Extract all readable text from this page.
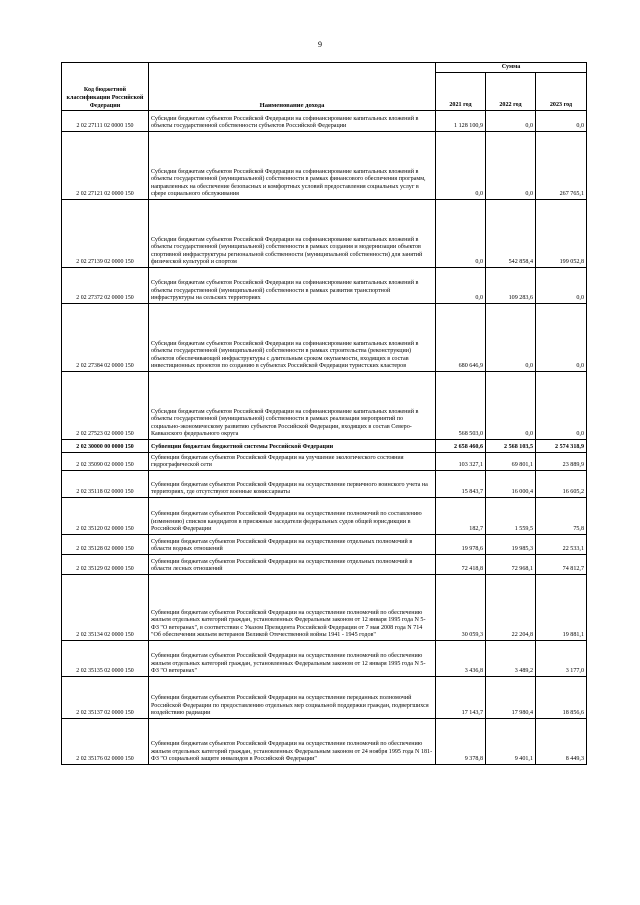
9
Код бюджетной классификации Российской Федерации	Наименование дохода	Сумма		
		2021 год	2022 год	2023 год
2 02 27111 02 0000 150	Субсидии бюджетам субъектов Российской Федерации на софинансирование капитальных вложений в объекты государственной собственности субъектов Российской Федерации	1 128 100,9	0,0	0,0
2 02 27121 02 0000 150	Субсидии бюджетам субъектов Российской Федерации на софинансирование капитальных вложений в объекты государственной (муниципальной) собственности в рамках финансового обеспечения программ, направленных на обеспечение безопасных и комфортных условий предоставления социальных услуг в сфере социального обслуживания	0,0	0,0	267 765,1
2 02 27139 02 0000 150	Субсидии бюджетам субъектов Российской Федерации на софинансирование капитальных вложений в объекты государственной (муниципальной) собственности в рамках создания и модернизации объектов спортивной инфраструктуры региональной собственности (муниципальной собственности) для занятий физической культурой и спортом	0,0	542 858,4	199 052,8
2 02 27372 02 0000 150	Субсидии бюджетам субъектов Российской Федерации на софинансирование капитальных вложений в объекты государственной (муниципальной) собственности в рамках развития транспортной инфраструктуры на сельских территориях	0,0	109 283,6	0,0
2 02 27384 02 0000 150	Субсидии бюджетам субъектов Российской Федерации на софинансирование капитальных вложений в объекты государственной (муниципальной) собственности в рамках строительства (реконструкции) объектов обеспечивающей инфраструктуры с длительным сроком окупаемости, входящих в состав инвестиционных проектов по созданию в субъектах Российской Федерации туристских кластеров	680 646,9	0,0	0,0
2 02 27523 02 0000 150	Субсидии бюджетам субъектов Российской Федерации на софинансирование капитальных вложений в объекты государственной (муниципальной) собственности в рамках реализации мероприятий по социально-экономическому развитию субъектов Российской Федерации, входящих в состав Северо-Кавказского федерального округа	568 503,0	0,0	0,0
2 02 30000 00 0000 150	Субвенции бюджетам бюджетной системы Российской Федерации	2 658 460,6	2 568 103,5	2 574 318,9
2 02 35090 02 0000 150	Субвенции бюджетам субъектов Российской Федерации на улучшение экологического состояния гидрографической сети	103 327,1	69 801,1	23 889,9
2 02 35118 02 0000 150	Субвенции бюджетам субъектов Российской Федерации на осуществление первичного воинского учета на территориях, где отсутствуют военные комиссариаты	15 843,7	16 000,4	16 605,2
2 02 35120 02 0000 150	Субвенции бюджетам субъектов Российской Федерации на осуществление полномочий по составлению (изменению) списков кандидатов в присяжные заседатели федеральных судов общей юрисдикции в Российской Федерации	182,7	1 559,5	75,8
2 02 35128 02 0000 150	Субвенции бюджетам субъектов Российской Федерации на осуществление отдельных полномочий в области водных отношений	19 978,6	19 985,3	22 533,1
2 02 35129 02 0000 150	Субвенции бюджетам субъектов Российской Федерации на осуществление отдельных полномочий в области лесных отношений	72 418,8	72 968,1	74 812,7
2 02 35134 02 0000 150	Субвенции бюджетам субъектов Российской Федерации на осуществление полномочий по обеспечению жильем отдельных категорий граждан, установленных Федеральным законом от 12 января 1995 года N 5-ФЗ "О ветеранах", в соответствии с Указом Президента Российской Федерации от 7 мая 2008 года N 714 "Об обеспечении жильем ветеранов Великой Отечественной войны 1941 - 1945 годов"	30 059,3	22 204,8	19 881,1
2 02 35135 02 0000 150	Субвенции бюджетам субъектов Российской Федерации на осуществление полномочий по обеспечению жильем отдельных категорий граждан, установленных Федеральным законом от 12 января 1995 года N 5-ФЗ "О ветеранах"	3 436,8	3 489,2	3 177,0
2 02 35137 02 0000 150	Субвенции бюджетам субъектов Российской Федерации на осуществление переданных полномочий Российской Федерации по предоставлению отдельных мер социальной поддержки граждан, подвергшихся воздействию радиации	17 143,7	17 980,4	18 856,6
2 02 35176 02 0000 150	Субвенции бюджетам субъектов Российской Федерации на осуществление полномочий по обеспечению жильем отдельных категорий граждан, установленных Федеральным законом от 24 ноября 1995 года N 181-ФЗ "О социальной защите инвалидов в Российской Федерации"	9 378,8	9 401,1	8 449,3
